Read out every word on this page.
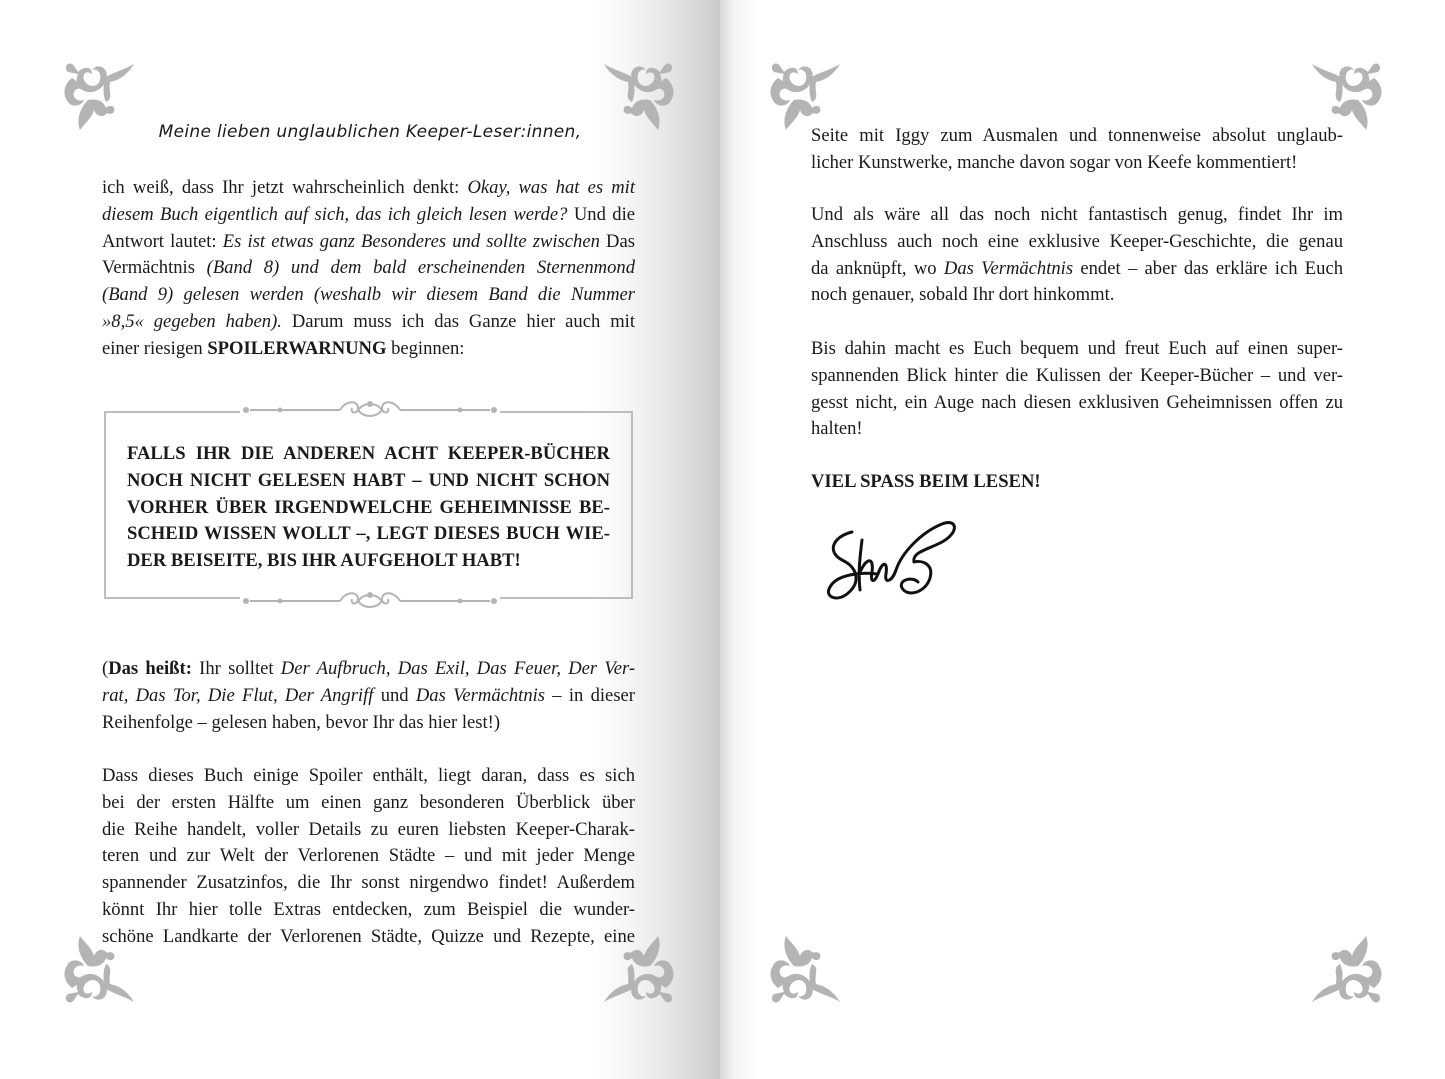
Meine lieben unglaublichen Keeper-Leser:innen,
ich weiß, dass Ihr jetzt wahrscheinlich denkt: Okay, was hat es mit
diesem Buch eigentlich auf sich, das ich gleich lesen werde? Und die
Antwort lautet: Es ist etwas ganz Besonderes und sollte zwischen Das
Vermächtnis (Band 8) und dem bald erscheinenden Sternenmond
(Band 9) gelesen werden (weshalb wir diesem Band die Nummer
»8,5« gegeben haben). Darum muss ich das Ganze hier auch mit
einer riesigen SPOILERWARNUNG beginnen:
FALLS IHR DIE ANDEREN ACHT KEEPER-BÜCHER
NOCH NICHT GELESEN HABT – UND NICHT SCHON
VORHER ÜBER IRGENDWELCHE GEHEIMNISSE BE-
SCHEID WISSEN WOLLT –, LEGT DIESES BUCH WIE-
DER BEISEITE, BIS IHR AUFGEHOLT HABT!
(Das heißt: Ihr solltet Der Aufbruch, Das Exil, Das Feuer, Der Ver-
rat, Das Tor, Die Flut, Der Angriff und Das Vermächtnis – in dieser
Reihenfolge – gelesen haben, bevor Ihr das hier lest!)
Dass dieses Buch einige Spoiler enthält, liegt daran, dass es sich
bei der ersten Hälfte um einen ganz besonderen Überblick über
die Reihe handelt, voller Details zu euren liebsten Keeper-Charak-
teren und zur Welt der Verlorenen Städte – und mit jeder Menge
spannender Zusatzinfos, die Ihr sonst nirgendwo findet! Außerdem
könnt Ihr hier tolle Extras entdecken, zum Beispiel die wunder-
schöne Landkarte der Verlorenen Städte, Quizze und Rezepte, eine
Seite mit Iggy zum Ausmalen und tonnenweise absolut unglaub-
licher Kunstwerke, manche davon sogar von Keefe kommentiert!
Und als wäre all das noch nicht fantastisch genug, findet Ihr im
Anschluss auch noch eine exklusive Keeper-Geschichte, die genau
da anknüpft, wo Das Vermächtnis endet – aber das erkläre ich Euch
noch genauer, sobald Ihr dort hinkommt.
Bis dahin macht es Euch bequem und freut Euch auf einen super-
spannenden Blick hinter die Kulissen der Keeper-Bücher – und ver-
gesst nicht, ein Auge nach diesen exklusiven Geheimnissen offen zu
halten!
VIEL SPASS BEIM LESEN!
